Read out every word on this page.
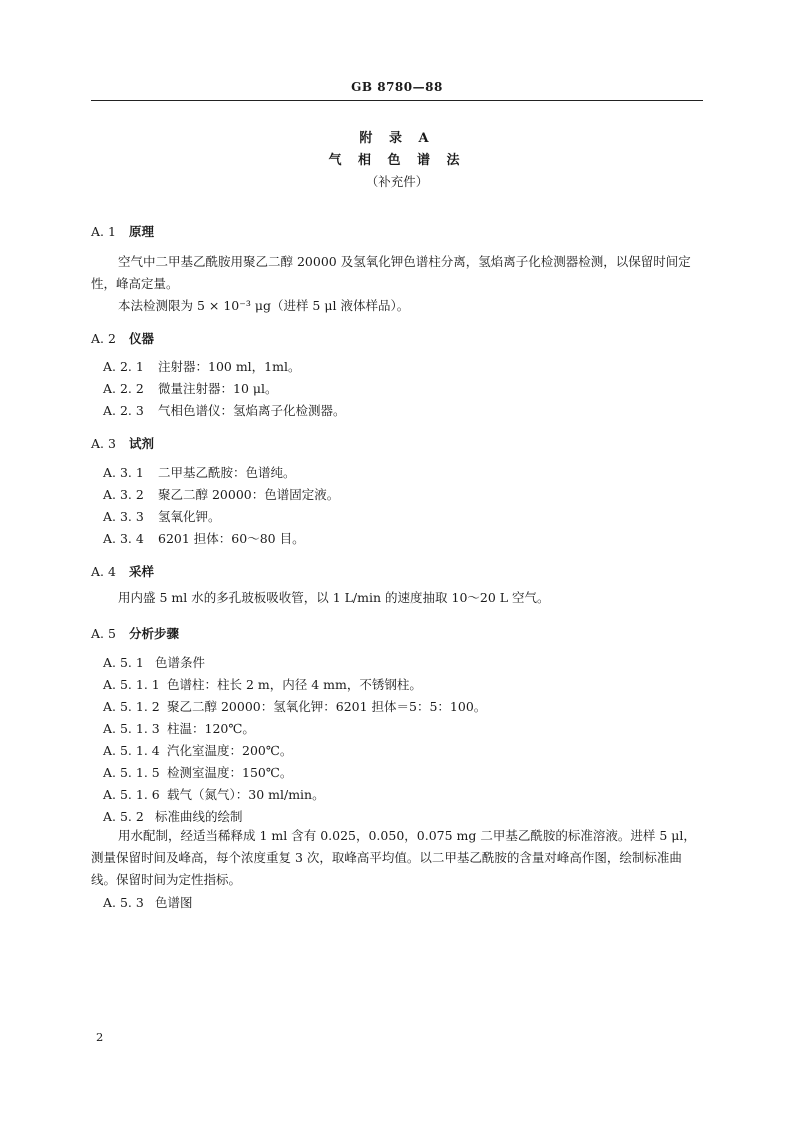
GB 8780—88
附 录 A
气 相 色 谱 法
（补充件）
A. 1 原理
空气中二甲基乙酰胺用聚乙二醇 20000 及氢氧化钾色谱柱分离，氢焰离子化检测器检测，以保留时间定性，峰高定量。
本法检测限为 5 × 10⁻³ μg（进样 5 μl 液体样品）。
A. 2 仪器
A. 2. 1 注射器：100 ml，1ml。
A. 2. 2 微量注射器：10 μl。
A. 2. 3 气相色谱仪：氢焰离子化检测器。
A. 3 试剂
A. 3. 1 二甲基乙酰胺：色谱纯。
A. 3. 2 聚乙二醇 20000：色谱固定液。
A. 3. 3 氢氧化钾。
A. 3. 4 6201 担体：60～80 目。
A. 4 采样
用内盛 5 ml 水的多孔玻板吸收管，以 1 L/min 的速度抽取 10～20 L 空气。
A. 5 分析步骤
A. 5. 1 色谱条件
A. 5. 1. 1 色谱柱：柱长 2 m，内径 4 mm，不锈钢柱。
A. 5. 1. 2 聚乙二醇 20000：氢氧化钾：6201 担体＝5：5：100。
A. 5. 1. 3 柱温：120℃。
A. 5. 1. 4 汽化室温度：200℃。
A. 5. 1. 5 检测室温度：150℃。
A. 5. 1. 6 载气（氮气）：30 ml/min。
A. 5. 2 标准曲线的绘制
用水配制，经适当稀释成 1 ml 含有 0.025，0.050，0.075 mg 二甲基乙酰胺的标准溶液。进样 5 μl，测量保留时间及峰高，每个浓度重复 3 次，取峰高平均值。以二甲基乙酰胺的含量对峰高作图，绘制标准曲线。保留时间为定性指标。
A. 5. 3 色谱图
2
